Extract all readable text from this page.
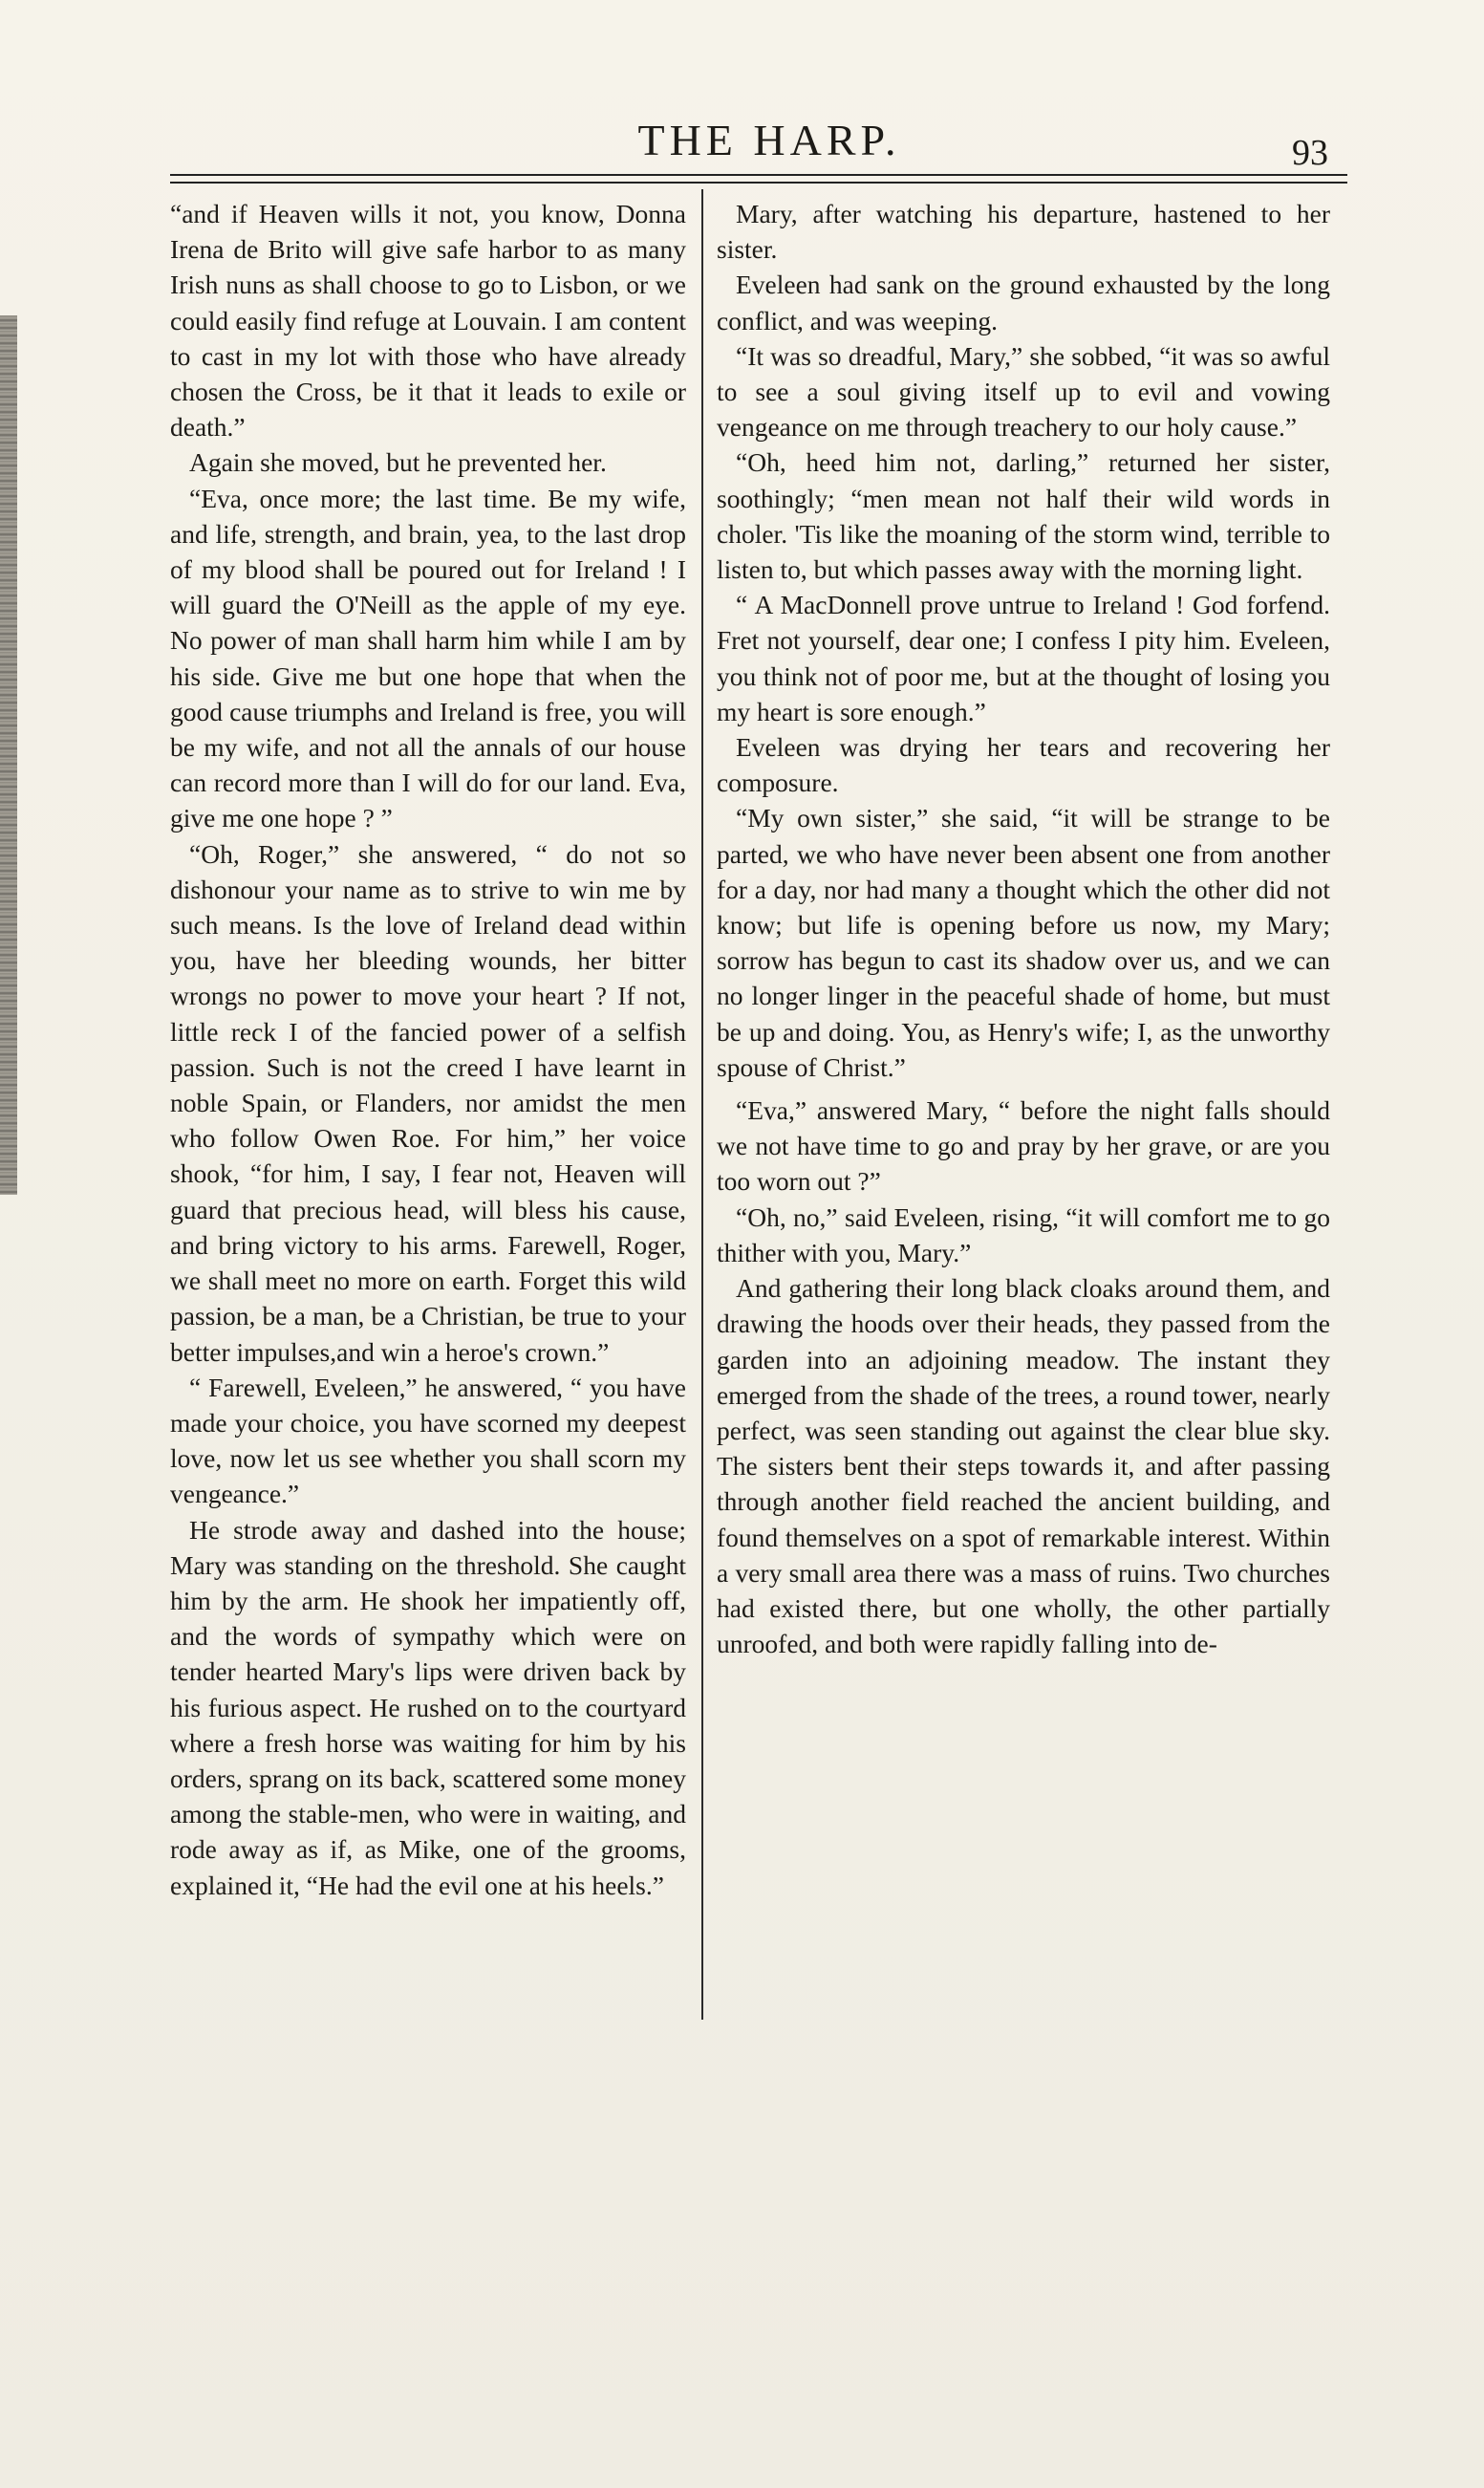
THE HARP.	93

“and if Heaven wills it not, you know, Donna Irena de Brito will give safe harbor to as many Irish nuns as shall choose to go to Lisbon, or we could easily find refuge at Louvain. I am content to cast in my lot with those who have already chosen the Cross, be it that it leads to exile or death.”

Again she moved, but he prevented her.

“Eva, once more; the last time. Be my wife, and life, strength, and brain, yea, to the last drop of my blood shall be poured out for Ireland ! I will guard the O'Neill as the apple of my eye. No power of man shall harm him while I am by his side. Give me but one hope that when the good cause triumphs and Ireland is free, you will be my wife, and not all the annals of our house can record more than I will do for our land. Eva, give me one hope ? ”

“Oh, Roger,” she answered, “ do not so dishonour your name as to strive to win me by such means. Is the love of Ireland dead within you, have her bleeding wounds, her bitter wrongs no power to move your heart ? If not, little reck I of the fancied power of a selfish passion. Such is not the creed I have learnt in noble Spain, or Flanders, nor amidst the men who follow Owen Roe. For him,” her voice shook, “for him, I say, I fear not, Heaven will guard that precious head, will bless his cause, and bring victory to his arms. Farewell, Roger, we shall meet no more on earth. Forget this wild passion, be a man, be a Christian, be true to your better impulses,and win a heroe's crown.”

“ Farewell, Eveleen,” he answered, “ you have made your choice, you have scorned my deepest love, now let us see whether you shall scorn my vengeance.”

He strode away and dashed into the house; Mary was standing on the threshold. She caught him by the arm. He shook her impatiently off, and the words of sympathy which were on tender hearted Mary's lips were driven back by his furious aspect. He rushed on to the courtyard where a fresh horse was waiting for him by his orders, sprang on its back, scattered some money among the stable-men, who were in waiting, and rode away as if, as Mike, one of the grooms, explained it, “He had the evil one at his heels.”

Mary, after watching his departure, hastened to her sister.

Eveleen had sank on the ground exhausted by the long conflict, and was weeping.

“It was so dreadful, Mary,” she sobbed, “it was so awful to see a soul giving itself up to evil and vowing vengeance on me through treachery to our holy cause.”

“Oh, heed him not, darling,” returned her sister, soothingly; “men mean not half their wild words in choler. 'Tis like the moaning of the storm wind, terrible to listen to, but which passes away with the morning light.

“ A MacDonnell prove untrue to Ireland ! God forfend. Fret not yourself, dear one; I confess I pity him. Eveleen, you think not of poor me, but at the thought of losing you my heart is sore enough.”

Eveleen was drying her tears and recovering her composure.

“My own sister,” she said, “it will be strange to be parted, we who have never been absent one from another for a day, nor had many a thought which the other did not know; but life is opening before us now, my Mary; sorrow has begun to cast its shadow over us, and we can no longer linger in the peaceful shade of home, but must be up and doing. You, as Henry's wife; I, as the unworthy spouse of Christ.”

“Eva,” answered Mary, “ before the night falls should we not have time to go and pray by her grave, or are you too worn out ?”

“Oh, no,” said Eveleen, rising, “it will comfort me to go thither with you, Mary.”

And gathering their long black cloaks around them, and drawing the hoods over their heads, they passed from the garden into an adjoining meadow. The instant they emerged from the shade of the trees, a round tower, nearly perfect, was seen standing out against the clear blue sky. The sisters bent their steps towards it, and after passing through another field reached the ancient building, and found themselves on a spot of remarkable interest. Within a very small area there was a mass of ruins. Two churches had existed there, but one wholly, the other partially unroofed, and both were rapidly falling into de-
